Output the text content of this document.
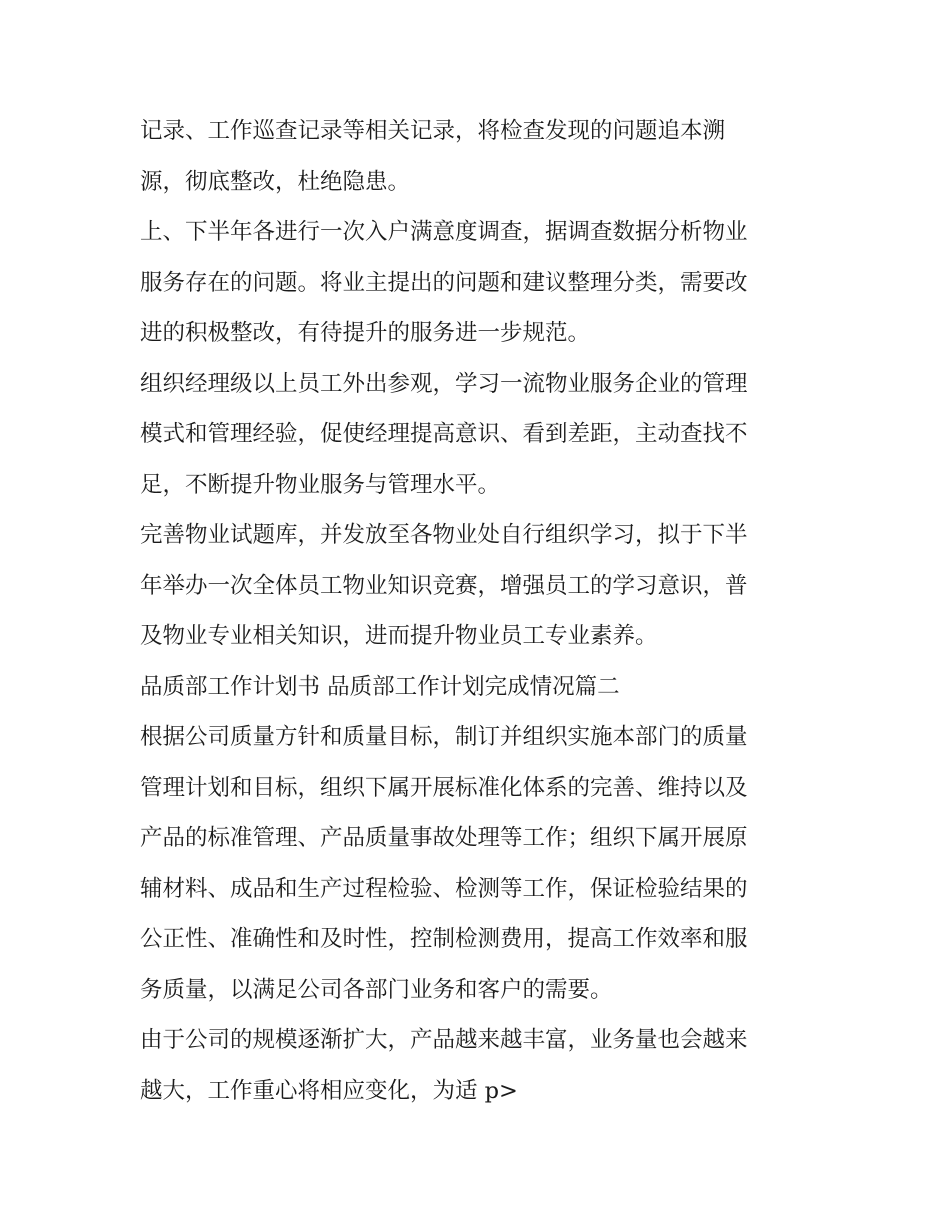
记录、工作巡查记录等相关记录，将检查发现的问题追本溯
源，彻底整改，杜绝隐患。
上、下半年各进行一次入户满意度调查，据调查数据分析物业
服务存在的问题。将业主提出的问题和建议整理分类，需要改
进的积极整改，有待提升的服务进一步规范。
组织经理级以上员工外出参观，学习一流物业服务企业的管理
模式和管理经验，促使经理提高意识、看到差距，主动查找不
足，不断提升物业服务与管理水平。
完善物业试题库，并发放至各物业处自行组织学习，拟于下半
年举办一次全体员工物业知识竞赛，增强员工的学习意识，普
及物业专业相关知识，进而提升物业员工专业素养。
品质部工作计划书 品质部工作计划完成情况篇二
根据公司质量方针和质量目标，制订并组织实施本部门的质量
管理计划和目标，组织下属开展标准化体系的完善、维持以及
产品的标准管理、产品质量事故处理等工作；组织下属开展原
辅材料、成品和生产过程检验、检测等工作，保证检验结果的
公正性、准确性和及时性，控制检测费用，提高工作效率和服
务质量，以满足公司各部门业务和客户的需要。
由于公司的规模逐渐扩大，产品越来越丰富，业务量也会越来
越大，工作重心将相应变化，为适 p>
